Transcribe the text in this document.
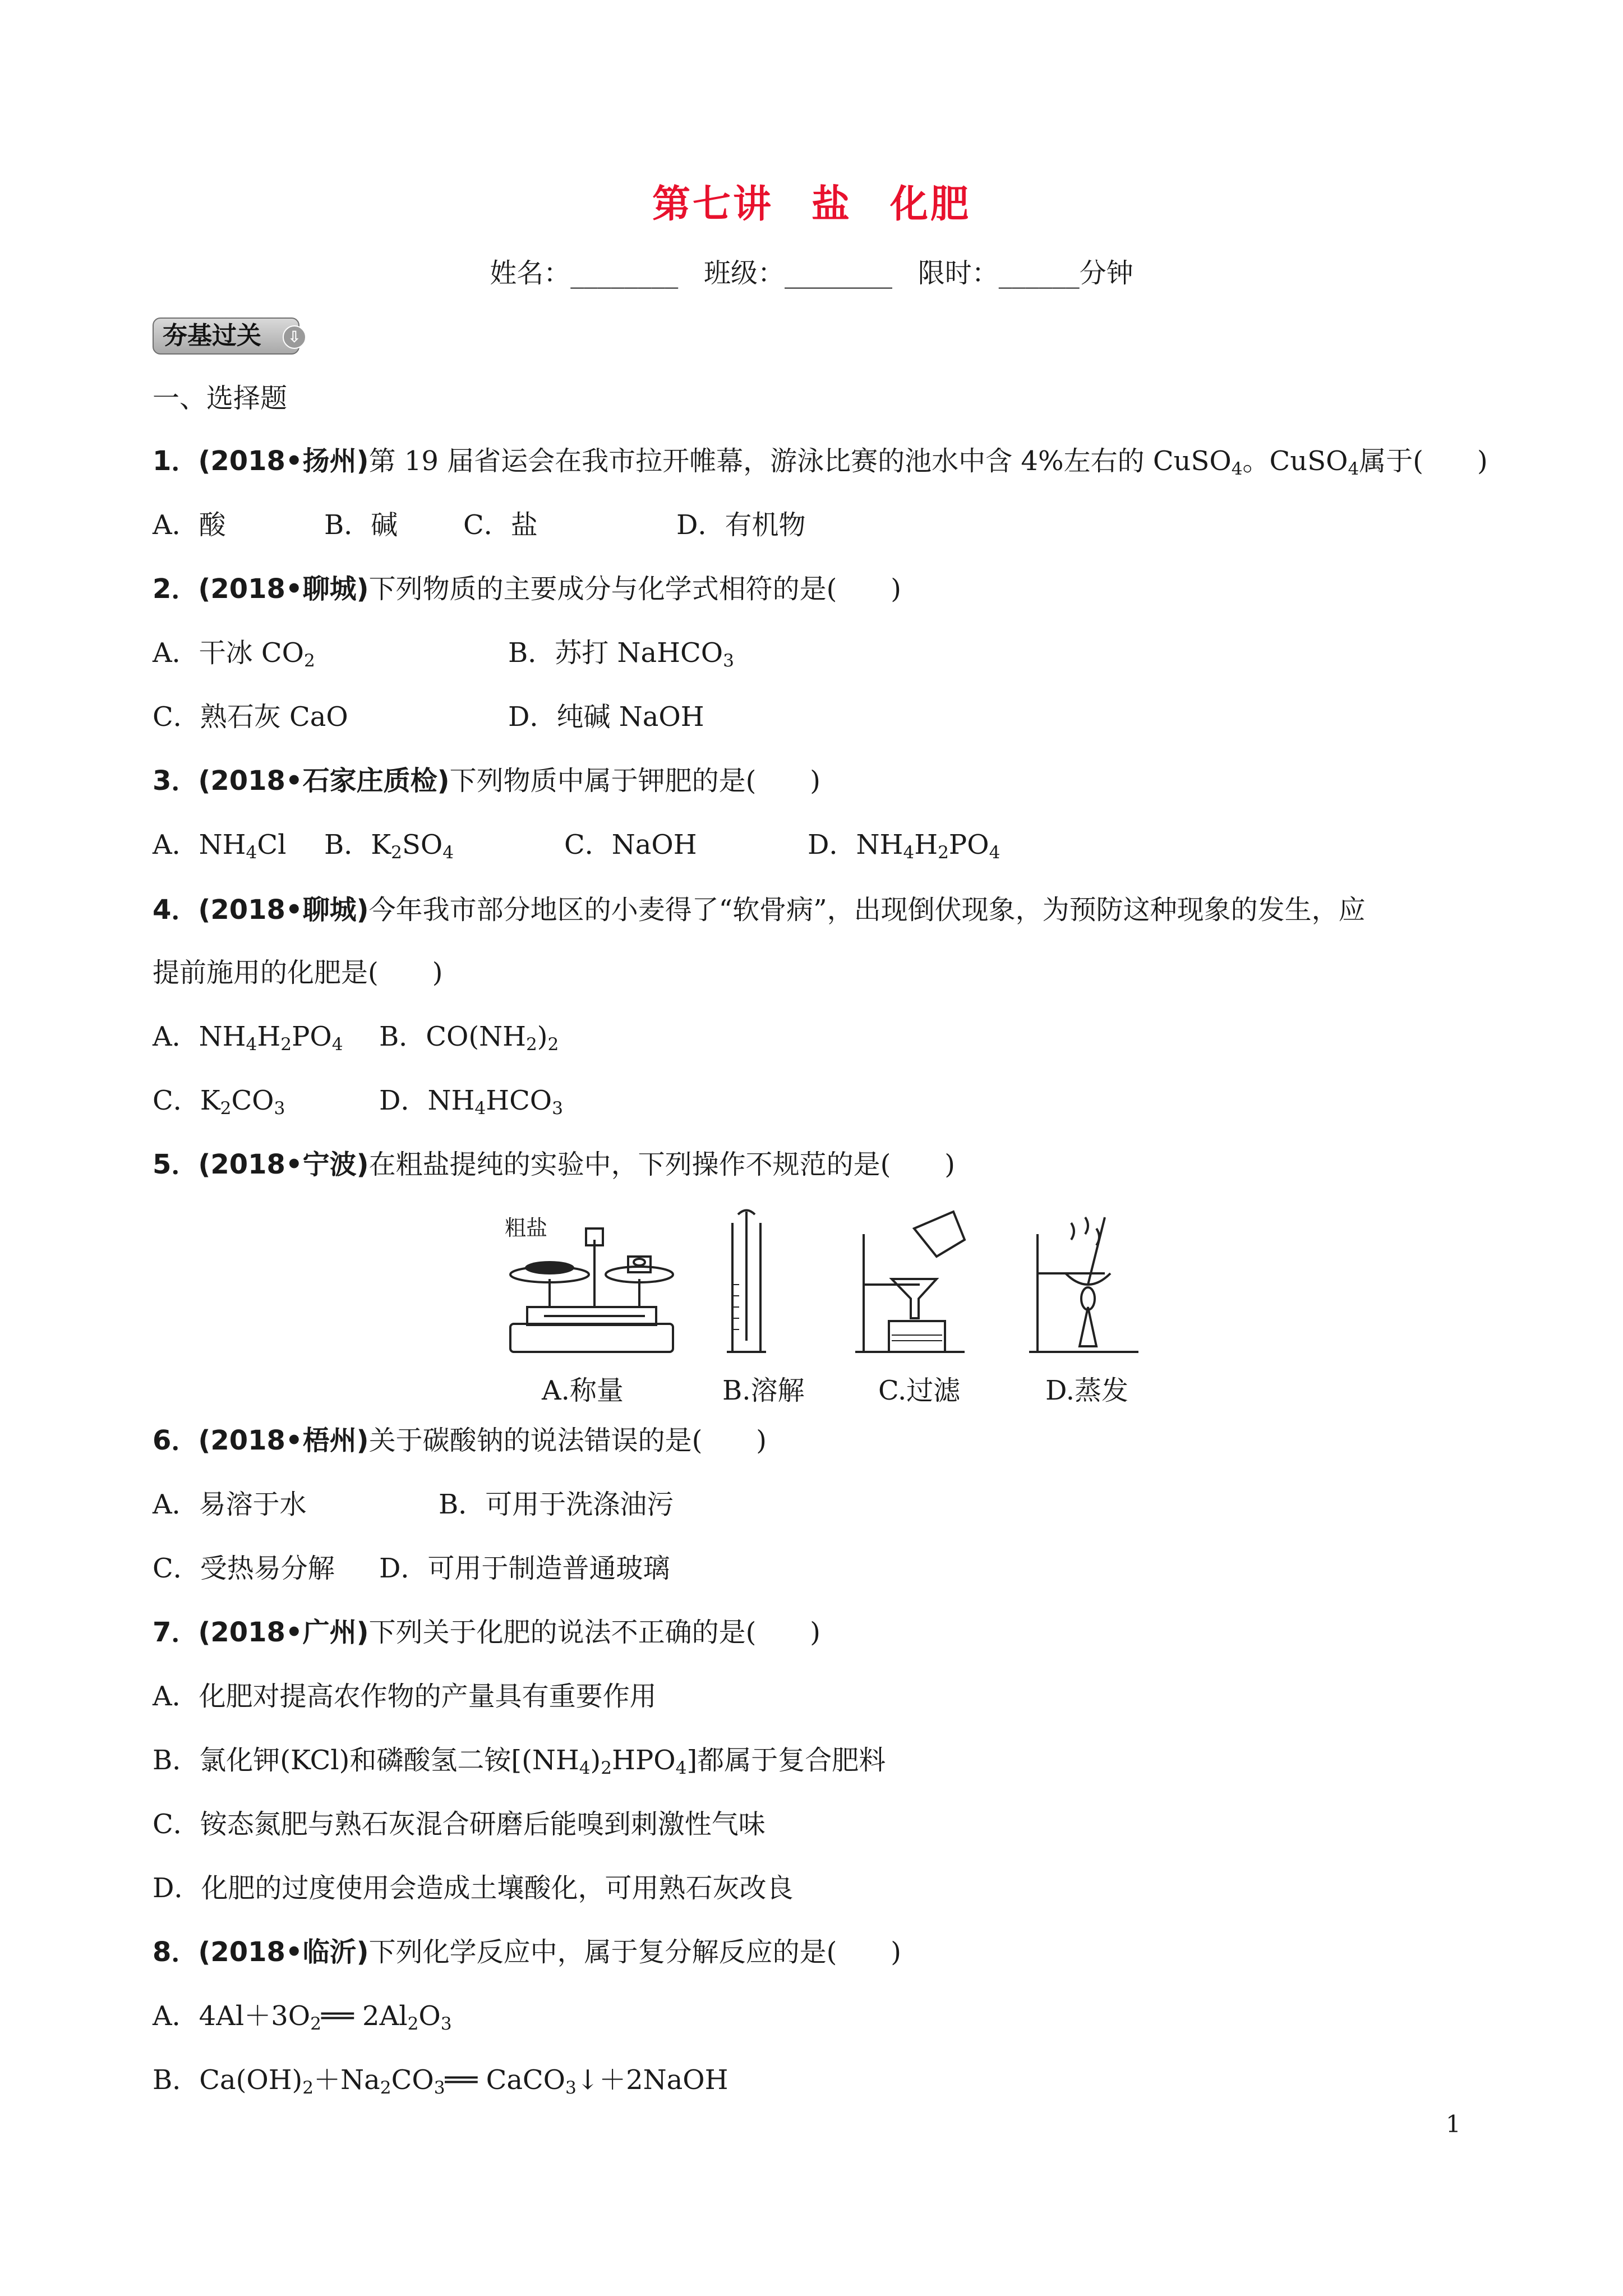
第七讲 盐 化肥
姓名：________   班级：________   限时：______分钟
夯基过关	⇩
一、选择题
1．(2018•扬州)第 19 届省运会在我市拉开帷幕，游泳比赛的池水中含 4%左右的 CuSO$_4$。CuSO$_4$属于(　　)
A．酸	B．碱 C．盐	D．有机物
2．(2018•聊城)下列物质的主要成分与化学式相符的是(　　)
A．干冰 $CO_2$	B．苏打 NaHCO$_3$
C．熟石灰 CaO	D．纯碱 NaOH
3．(2018•石家庄质检)下列物质中属于钾肥的是(　　)
A．$NH_4Cl$ B．$K_2SO_4$	C．NaOH	D．$NH_4H_2PO_4$
4．(2018•聊城)今年我市部分地区的小麦得了“软骨病”，出现倒伏现象，为预防这种现象的发生，应
提前施用的化肥是(　　)
A．$NH_4H_2PO_4$ B．$CO(NH_2)_2$
C．$K_2CO_3$	D．$NH_4HCO_3$
5．(2018•宁波)在粗盐提纯的实验中，下列操作不规范的是(　　)
粗盐
A.称量	B.溶解	C.过滤	D.蒸发
6．(2018•梧州)关于碳酸钠的说法错误的是(　　)
A．易溶于水	B．可用于洗涤油污
C．受热易分解 D．可用于制造普通玻璃
7．(2018•广州)下列关于化肥的说法不正确的是(　　)
A．化肥对提高农作物的产量具有重要作用
B．氯化钾(KCl)和磷酸氢二铵$[(NH_4)_2HPO_4]$都属于复合肥料
C．铵态氮肥与熟石灰混合研磨后能嗅到刺激性气味
D．化肥的过度使用会造成土壤酸化，可用熟石灰改良
8．(2018•临沂)下列化学反应中，属于复分解反应的是(　　)
A．$4Al+3O_2══$ $2Al_2O_3$
B．$Ca(OH)_2+Na_2CO_3══$ CaCO$_3$↓＋2NaOH
1
